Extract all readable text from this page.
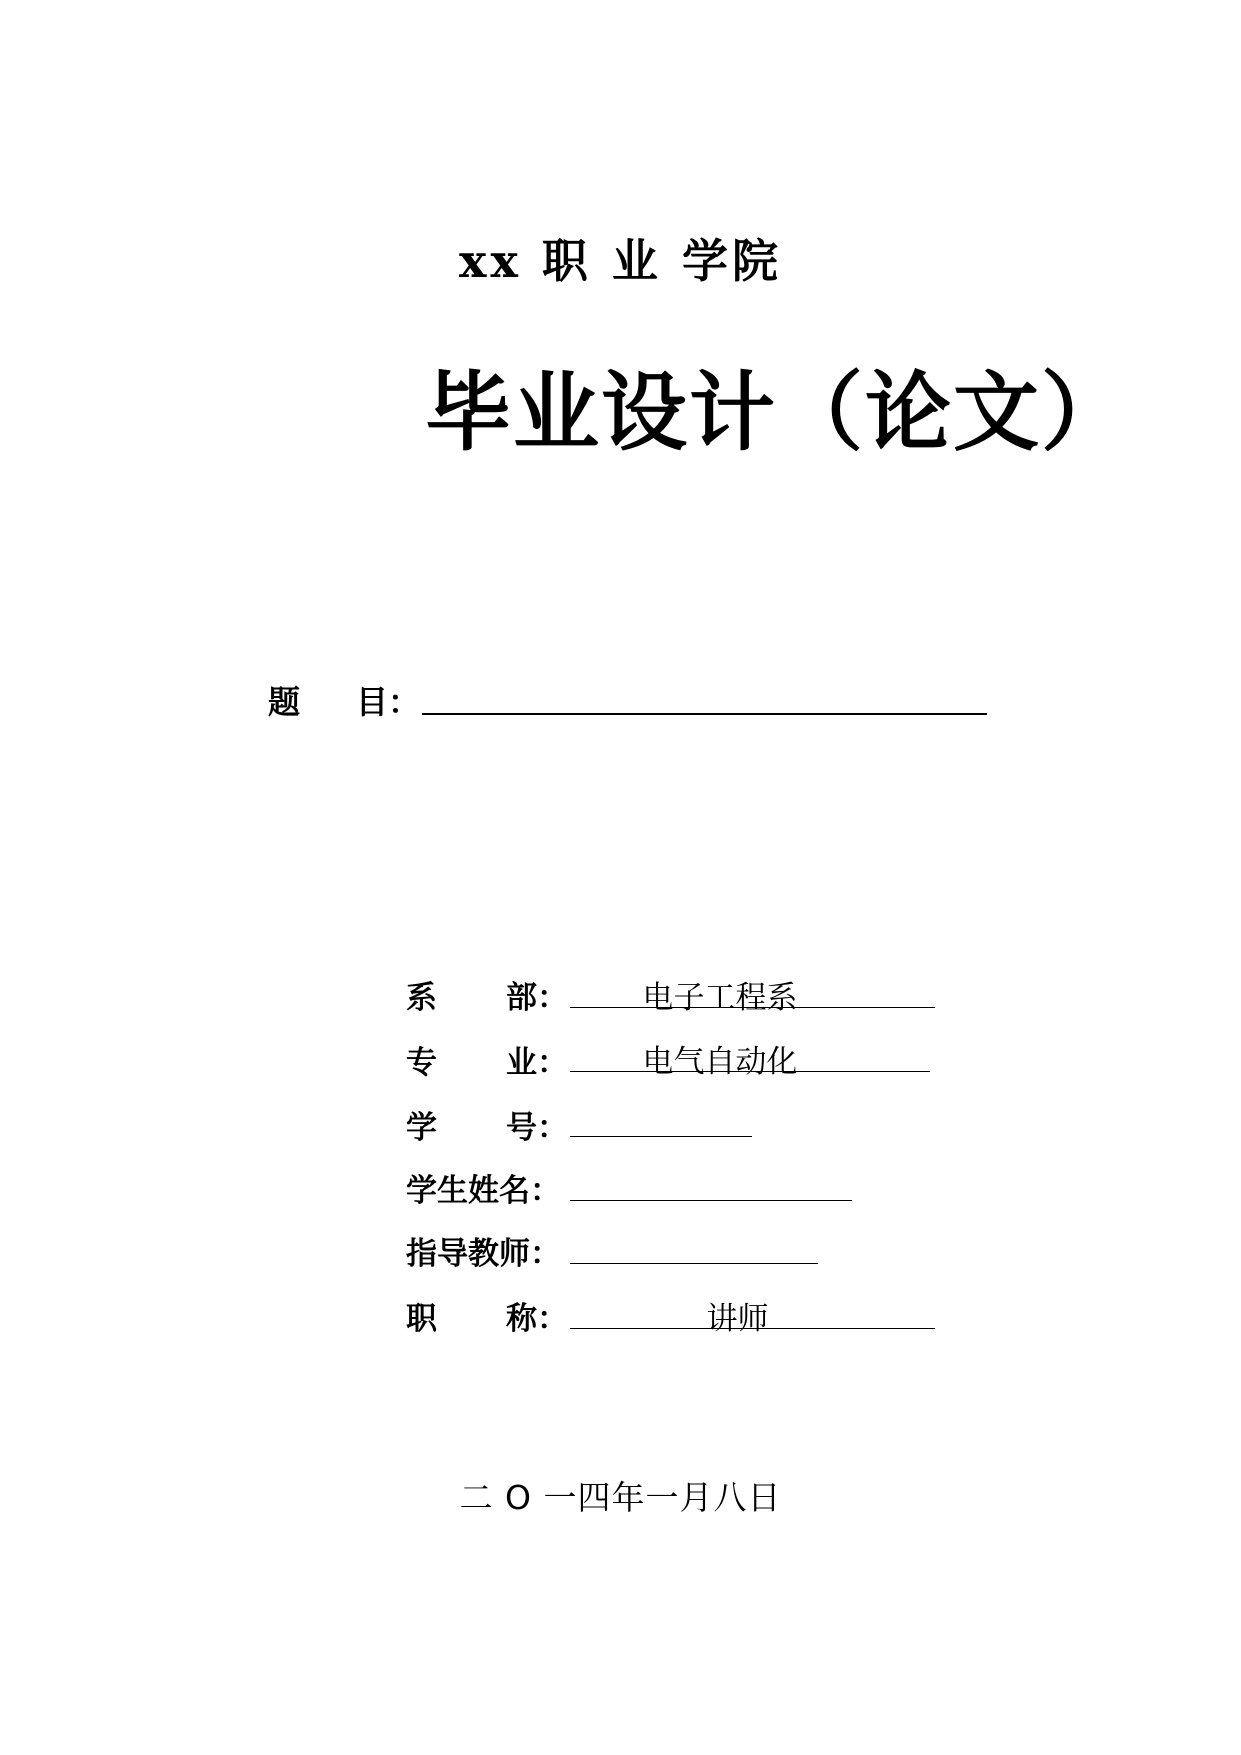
xx 职 业 学院
毕业设计（论文）
题 目：
系 部：	电子工程系
专 业：	电气自动化
学 号：
学生姓名：
指导教师：
职 称：	讲师
二 O 一四年一月八日
